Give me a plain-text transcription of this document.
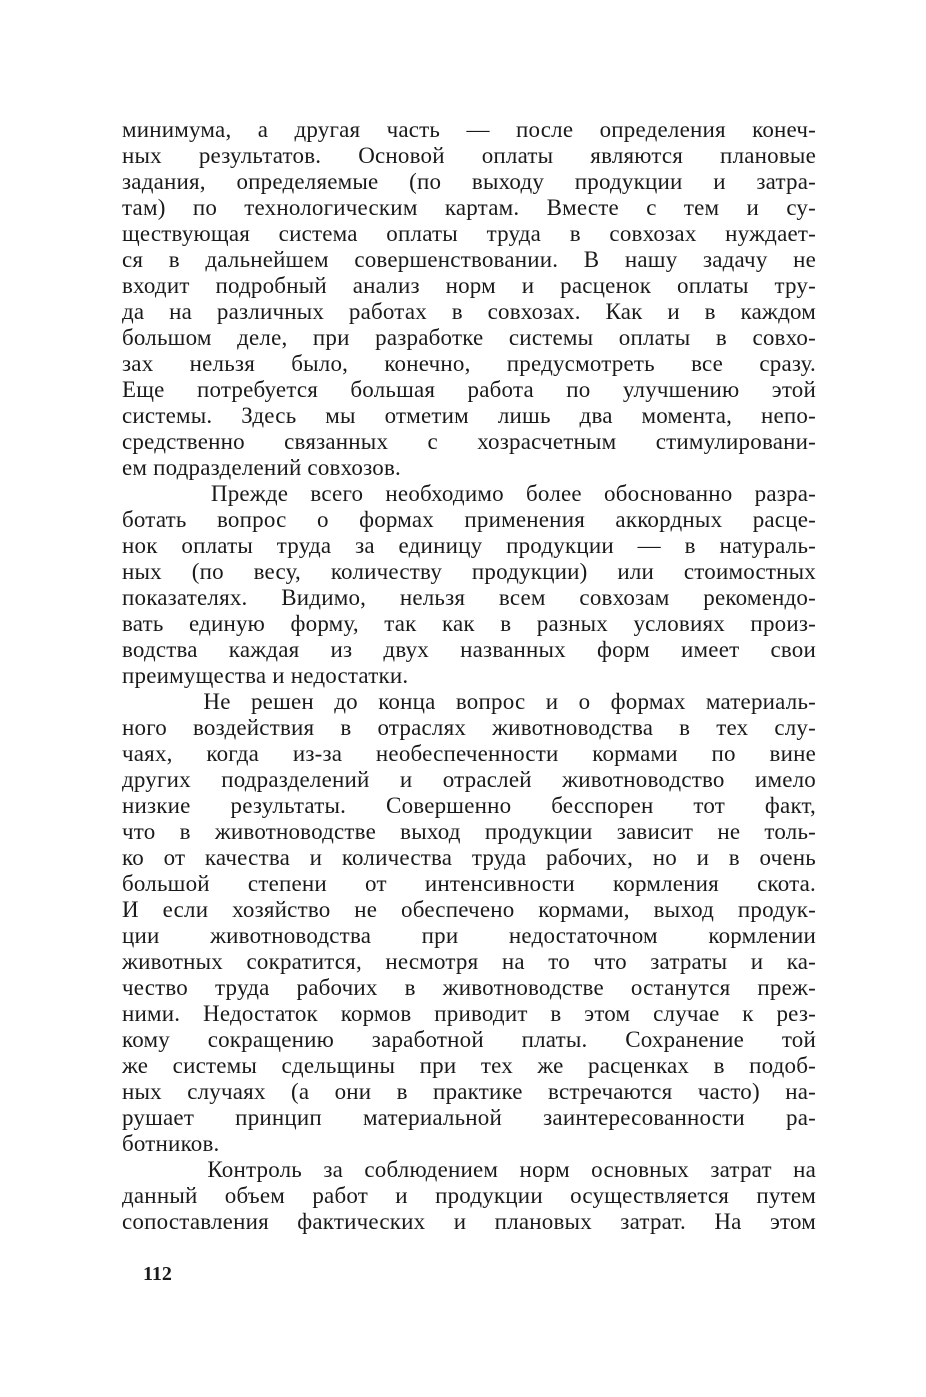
минимума, а другая часть — после определения конеч-
ных результатов. Основой оплаты являются плановые
задания, определяемые (по выходу продукции и затра-
там) по технологическим картам. Вместе с тем и су-
ществующая система оплаты труда в совхозах нуждает-
ся в дальнейшем совершенствовании. В нашу задачу не
входит подробный анализ норм и расценок оплаты тру-
да на различных работах в совхозах. Как и в каждом
большом деле, при разработке системы оплаты в совхо-
зах нельзя было, конечно, предусмотреть все сразу.
Еще потребуется большая работа по улучшению этой
системы. Здесь мы отметим лишь два момента, непо-
средственно связанных с хозрасчетным стимулировани-
ем подразделений совхозов.
Прежде всего необходимо более обоснованно разра-
ботать вопрос о формах применения аккордных расце-
нок оплаты труда за единицу продукции — в натураль-
ных (по весу, количеству продукции) или стоимостных
показателях. Видимо, нельзя всем совхозам рекомендо-
вать единую форму, так как в разных условиях произ-
водства каждая из двух названных форм имеет свои
преимущества и недостатки.
Не решен до конца вопрос и о формах материаль-
ного воздействия в отраслях животноводства в тех слу-
чаях, когда из-за необеспеченности кормами по вине
других подразделений и отраслей животноводство имело
низкие результаты. Совершенно бесспорен тот факт,
что в животноводстве выход продукции зависит не толь-
ко от качества и количества труда рабочих, но и в очень
большой степени от интенсивности кормления скота.
И если хозяйство не обеспечено кормами, выход продук-
ции животноводства при недостаточном кормлении
животных сократится, несмотря на то что затраты и ка-
чество труда рабочих в животноводстве останутся преж-
ними. Недостаток кормов приводит в этом случае к рез-
кому сокращению заработной платы. Сохранение той
же системы сдельщины при тех же расценках в подоб-
ных случаях (а они в практике встречаются часто) на-
рушает принцип материальной заинтересованности ра-
ботников.
Контроль за соблюдением норм основных затрат на
данный объем работ и продукции осуществляется путем
сопоставления фактических и плановых затрат. На этом
112
